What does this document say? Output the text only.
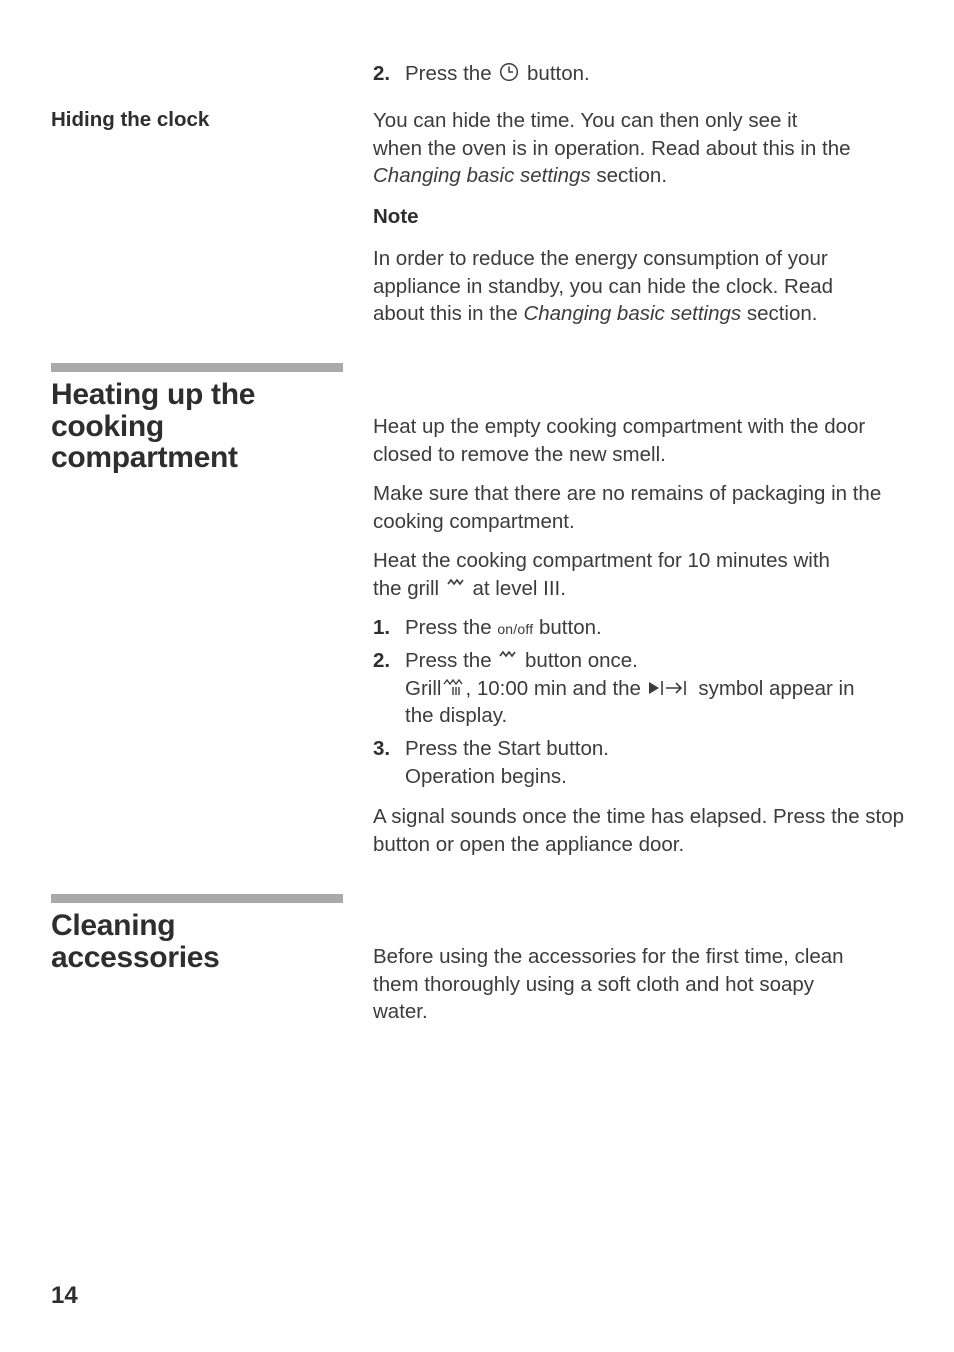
2. Press the button.
Hiding the clock	You can hide the time. You can then only see it
when the oven is in operation. Read about this in the
Changing basic settings section.
Note
In order to reduce the energy consumption of your
appliance in standby, you can hide the clock. Read
about this in the Changing basic settings section.
Heating up the cooking compartment
Heat up the empty cooking compartment with the door closed to remove the new smell.
Make sure that there are no remains of packaging in the cooking compartment.
Heat the cooking compartment for 10 minutes with
the grill at level III.
1. Press the on/off button.
2. Press the button once.
Grill , 10:00 min and the	symbol appear in
the display.
3. Press the Start button.
Operation begins.
A signal sounds once the time has elapsed. Press the stop button or open the appliance door.
Cleaning accessories	Before using the accessories for the first time, clean them thoroughly using a soft cloth and hot soapy water.
14
